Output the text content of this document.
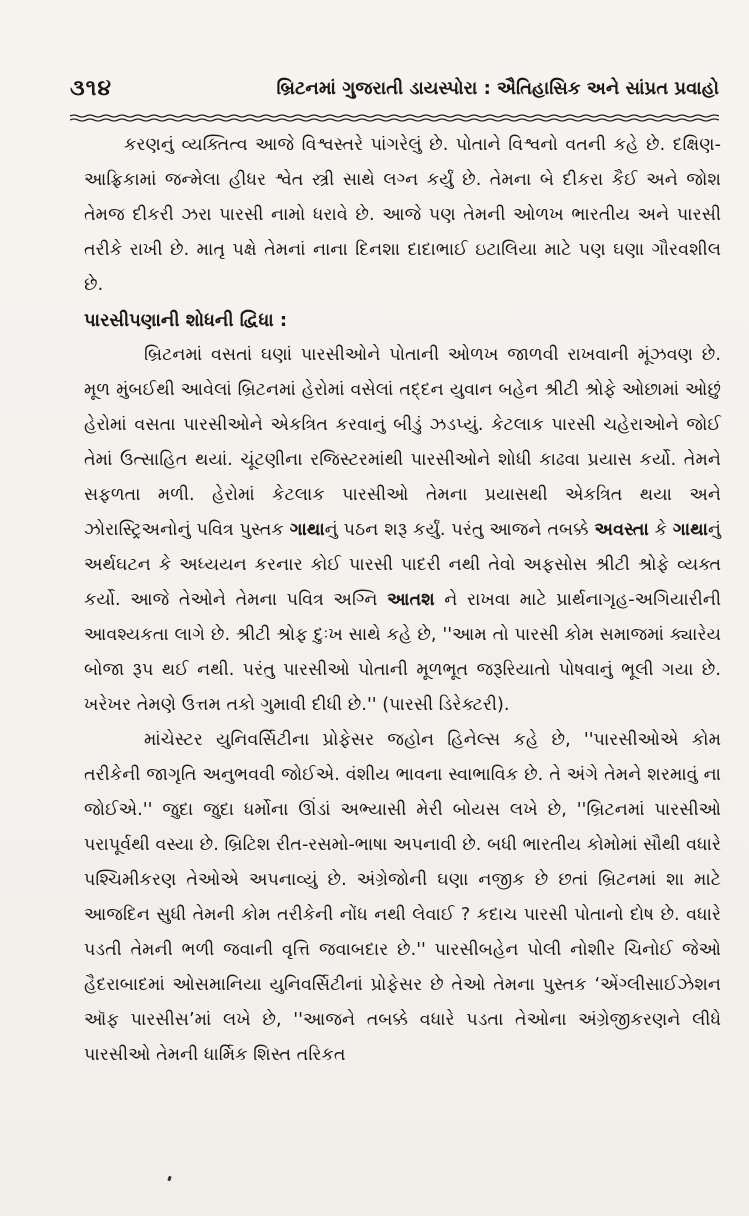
૩૧૪	બ્રિટનમાં ગુજરાતી ડાયસ્પોરા : ઐતિહાસિક અને સાંપ્રત પ્રવાહો

કરણનું વ્યક્તિત્વ આજે વિશ્વસ્તરે પાંગરેલું છે. પોતાને વિશ્વનો વતની કહે છે. દક્ષિણ-આફ્રિકામાં જન્મેલા હીધર શ્વેત સ્ત્રી સાથે લગ્ન કર્યું છે. તેમના બે દીકરા કૈઈ અને જોશ તેમજ દીકરી ઝરા પારસી નામો ધરાવે છે. આજે પણ તેમની ઓળખ ભારતીય અને પારસી તરીકે રાખી છે. માતૃ પક્ષે તેમનાં નાના દિનશા દાદાભાઈ ઇટાલિયા માટે પણ ઘણા ગૌરવશીલ છે.

પારસીપણાની શોધની દ્વિધા :

બ્રિટનમાં વસતાં ઘણાં પારસીઓને પોતાની ઓળખ જાળવી રાખવાની મૂંઝવણ છે. મૂળ મુંબઈથી આવેલાં બ્રિટનમાં હેરોમાં વસેલાં તદ્દન યુવાન બહેન શ્રીટી શ્રોફે ઓછામાં ઓછું હેરોમાં વસતા પારસીઓને એકત્રિત કરવાનું બીડું ઝડપ્યું. કેટલાક પારસી ચહેરાઓને જોઈ તેમાં ઉત્સાહિત થયાં. ચૂંટણીના રજિસ્ટરમાંથી પારસીઓને શોધી કાઢવા પ્રયાસ કર્યો. તેમને સફળતા મળી. હેરોમાં કેટલાક પારસીઓ તેમના પ્રયાસથી એકત્રિત થયા અને ઝોરાસ્ટ્રિઅનોનું પવિત્ર પુસ્તક ગાથાનું પઠન શરૂ કર્યું. પરંતુ આજને તબક્કે અવસ્તા કે ગાથાનું અર્થઘટન કે અધ્યયન કરનાર કોઈ પારસી પાદરી નથી તેવો અફસોસ શ્રીટી શ્રોફે વ્યક્ત કર્યો. આજે તેઓને તેમના પવિત્ર અગ્નિ આતશ ને રાખવા માટે પ્રાર્થનાગૃહ-અગિયારીની આવશ્યકતા લાગે છે. શ્રીટી શ્રોફ દુઃખ સાથે કહે છે, ''આમ તો પારસી કોમ સમાજમાં ક્યારેય બોજા રૂપ થઈ નથી. પરંતુ પારસીઓ પોતાની મૂળભૂત જરૂરિયાતો પોષવાનું ભૂલી ગયા છે. ખરેખર તેમણે ઉત્તમ તકો ગુમાવી દીધી છે.'' (પારસી ડિરેક્ટરી).

માંચેસ્ટર યુનિવર્સિટીના પ્રોફેસર જહોન હિનેલ્સ કહે છે, ''પારસીઓએ કોમ તરીકેની જાગૃતિ અનુભવવી જોઈએ. વંશીય ભાવના સ્વાભાવિક છે. તે અંગે તેમને શરમાવું ના જોઈએ.'' જુદા જુદા ધર્મોના ઊંડાં અભ્યાસી મેરી બોયસ લખે છે, ''બ્રિટનમાં પારસીઓ પરાપૂર્વથી વસ્યા છે. બ્રિટિશ રીત-રસમો-ભાષા અપનાવી છે. બધી ભારતીય કોમોમાં સૌથી વધારે પશ્ચિમીકરણ તેઓએ અપનાવ્યું છે. અંગ્રેજોની ઘણા નજીક છે છતાં બ્રિટનમાં શા માટે આજદિન સુધી તેમની કોમ તરીકેની નોંધ નથી લેવાઈ ? કદાચ પારસી પોતાનો દોષ છે. વધારે પડતી તેમની ભળી જવાની વૃત્તિ જવાબદાર છે.'' પારસીબહેન પોલી નોશીર ચિનોઈ જેઓ હૈદરાબાદમાં ઓસમાનિયા યુનિવર્સિટીનાં પ્રોફેસર છે તેઓ તેમના પુસ્તક ‘એંગ્લીસાઈઝેશન ઑફ પારસીસ’માં લખે છે, ''આજને તબક્કે વધારે પડતા તેઓના અંગ્રેજીકરણને લીધે પારસીઓ તેમની ધાર્મિક શિસ્ત તરિકત
